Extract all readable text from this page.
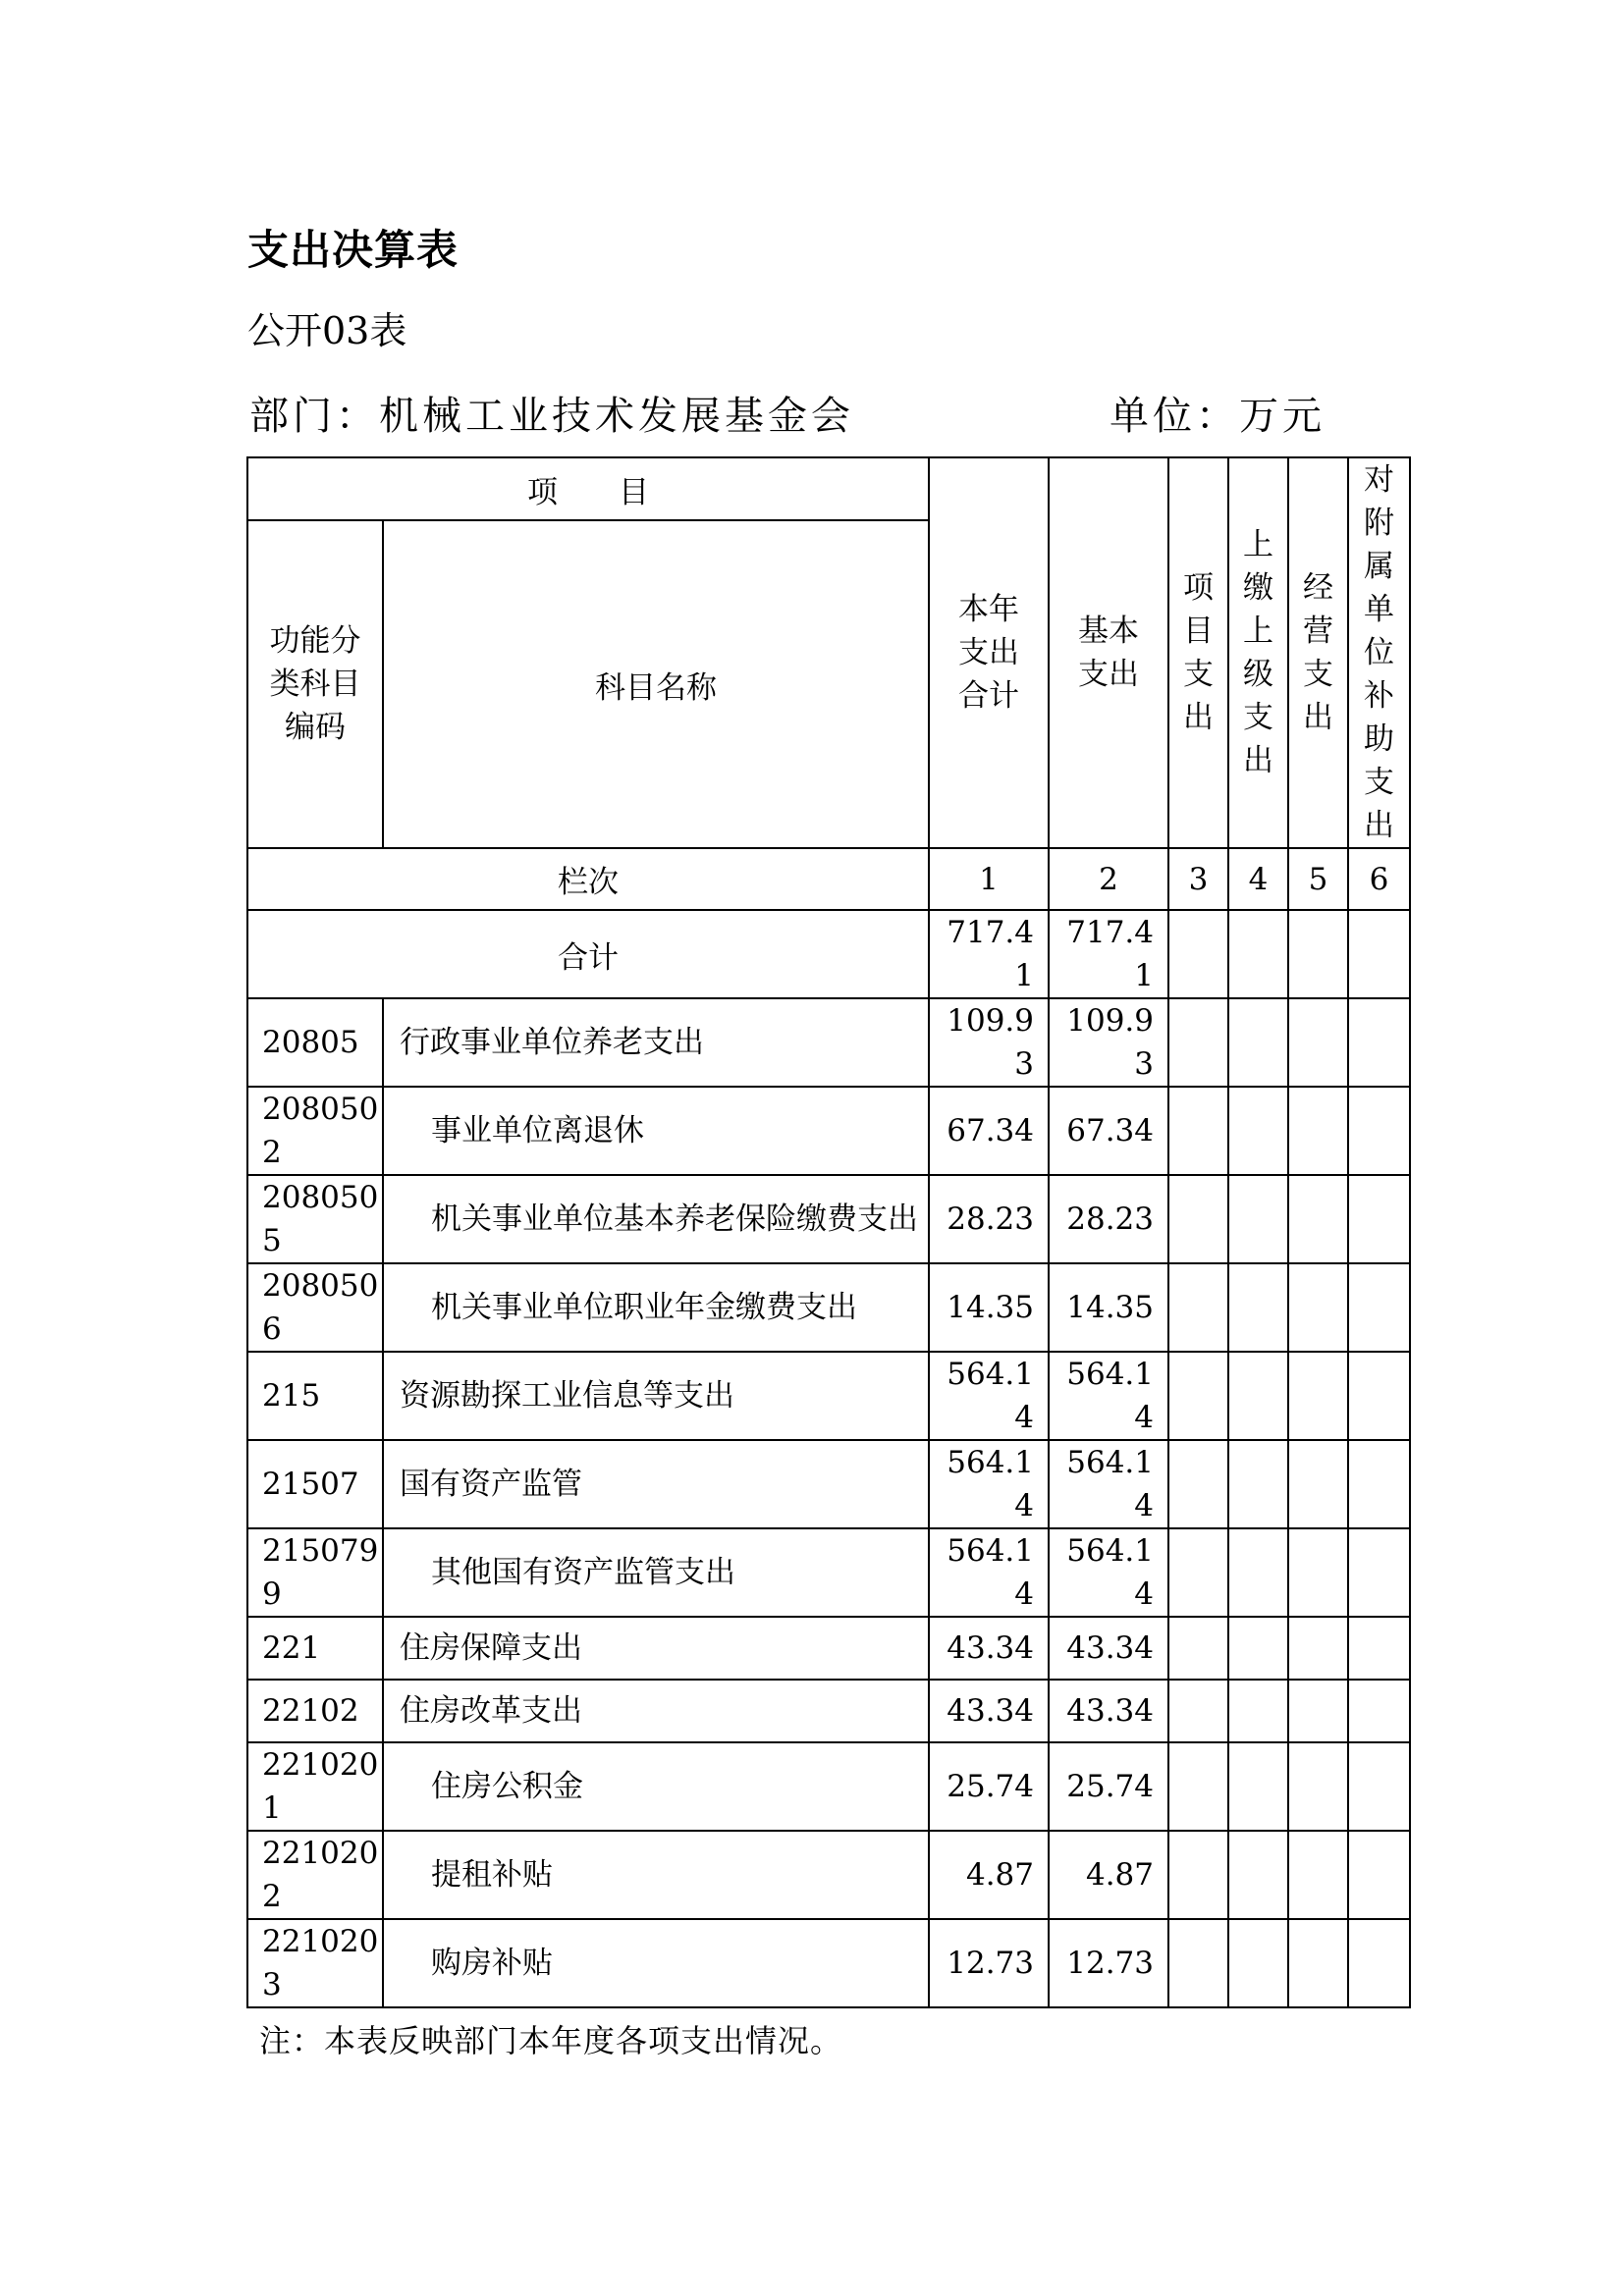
支出决算表
公开03表
部门：机械工业技术发展基金会	单位：万元
项　　目		本年支出合计	基本支出	项目支出	上缴上级支出	经营支出	对附属单位补助支出
功能分类科目编码	科目名称						
栏次		1	2	3	4	5	6
合计		717.41	717.41				
20805	行政事业单位养老支出	109.93	109.93				
2080502	事业单位离退休	67.34	67.34				
2080505	机关事业单位基本养老保险缴费支出	28.23	28.23				
2080506	机关事业单位职业年金缴费支出	14.35	14.35				
215	资源勘探工业信息等支出	564.14	564.14				
21507	国有资产监管	564.14	564.14				
2150799	其他国有资产监管支出	564.14	564.14				
221	住房保障支出	43.34	43.34				
22102	住房改革支出	43.34	43.34				
2210201	住房公积金	25.74	25.74				
2210202	提租补贴	4.87	4.87				
2210203	购房补贴	12.73	12.73				
注：本表反映部门本年度各项支出情况。
